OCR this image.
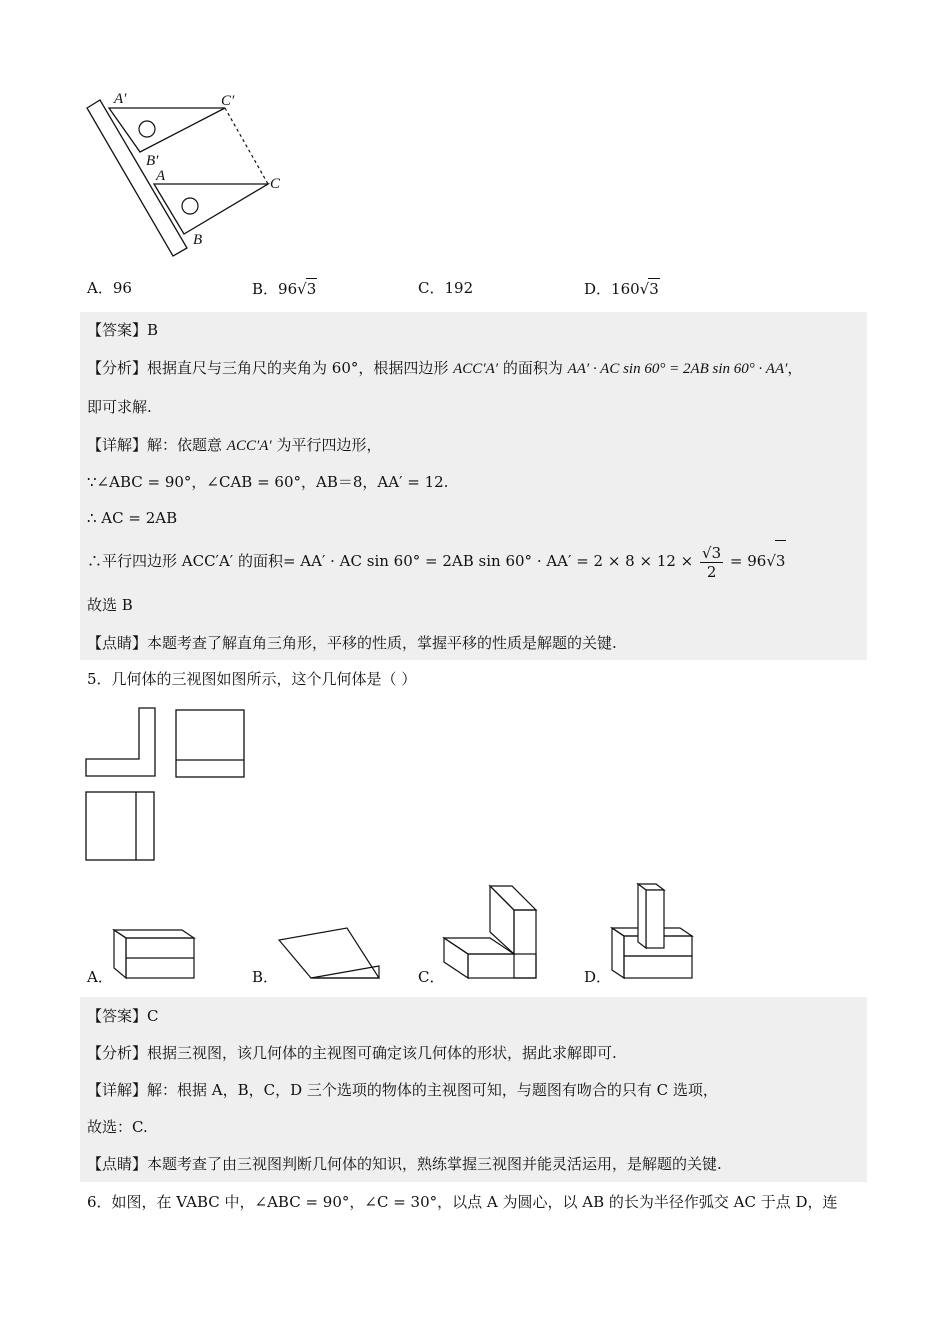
A′	C′
B′
A	C
B
A．96	B．96√3	C．192	D．160√3
【答案】B
【分析】根据直尺与三角尺的夹角为 60°，根据四边形 ACC′A′ 的面积为 AA′ · AC sin 60° = 2AB sin 60° · AA′，
即可求解.
【详解】解：依题意 ACC′A′ 为平行四边形，
∵∠ABC = 90°，∠CAB = 60°，AB＝8，AA′ = 12.
∴ AC = 2AB
∴平行四边形 ACC′A′ 的面积= AA′ · AC sin 60° = 2AB $\sin 60^\circ \cdot AA' = 2 \times 8 \times 12 \times \frac{√3}{2} = 96√3$
故选 B
【点睛】本题考查了解直角三角形，平移的性质，掌握平移的性质是解题的关键.
5．几何体的三视图如图所示，这个几何体是（ ）
A．	B．	C．	D．
【答案】C
【分析】根据三视图，该几何体的主视图可确定该几何体的形状，据此求解即可.
【详解】解：根据 A，B，C，D 三个选项的物体的主视图可知，与题图有吻合的只有 C 选项，
故选：C.
【点睛】本题考查了由三视图判断几何体的知识，熟练掌握三视图并能灵活运用，是解题的关键.
6．如图，在 VABC 中，∠ABC = 90°，∠C = 30°，以点 A 为圆心，以 AB 的长为半径作弧交 AC 于点 D，连
